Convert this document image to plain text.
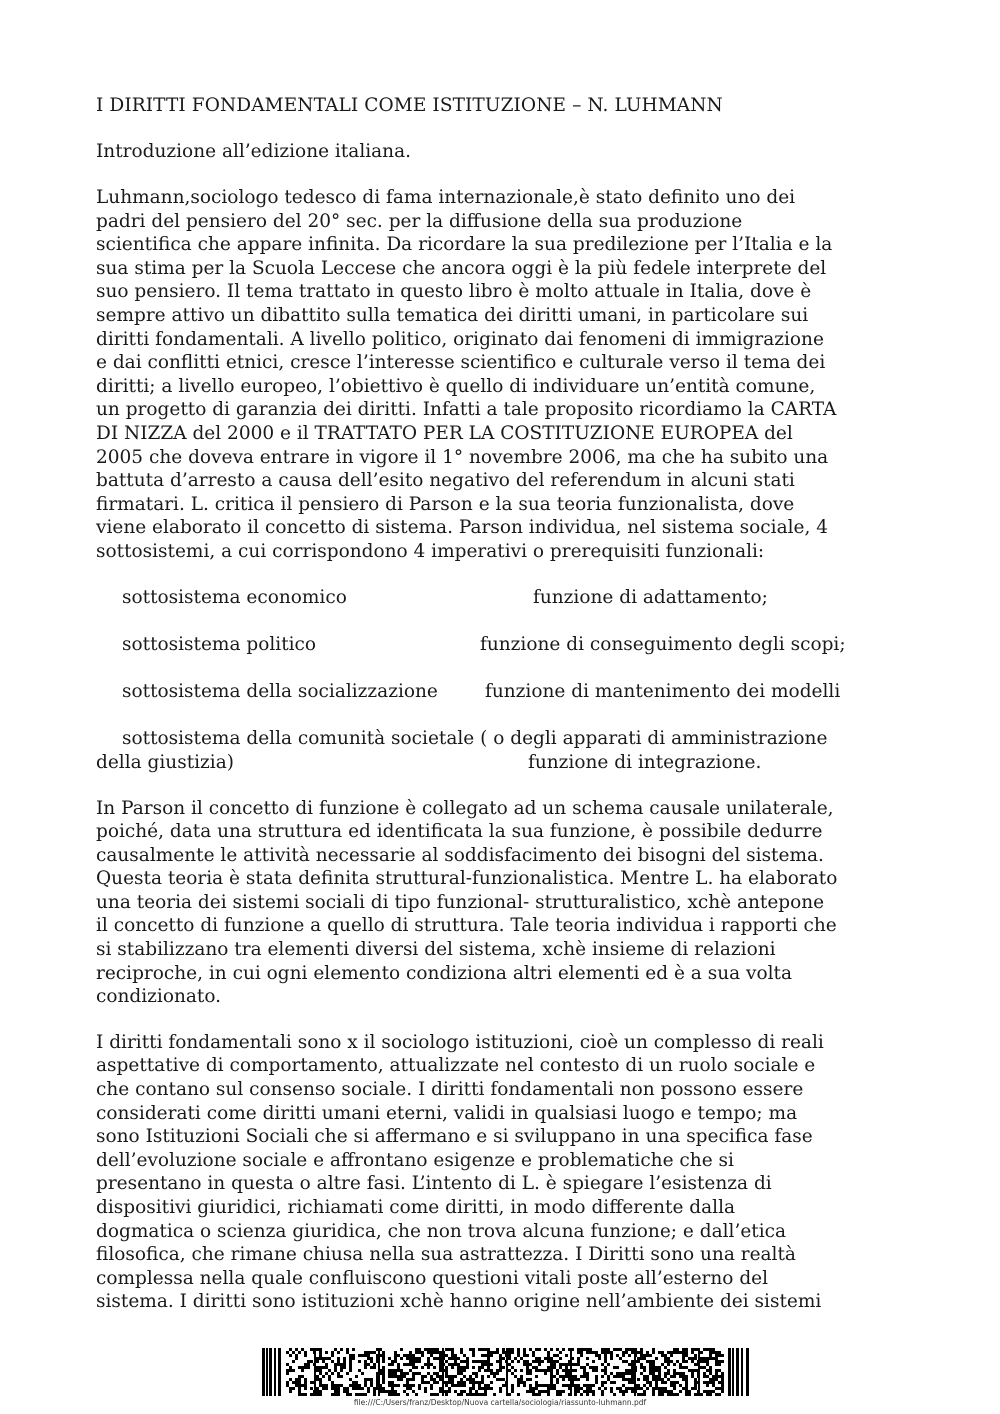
I DIRITTI FONDAMENTALI COME ISTITUZIONE – N. LUHMANN
Introduzione all’edizione italiana.

Luhmann,sociologo tedesco di fama internazionale,è stato definito uno dei
padri del pensiero del 20° sec. per la diffusione della sua produzione
scientifica che appare infinita. Da ricordare la sua predilezione per l’Italia e la
sua stima per la Scuola Leccese che ancora oggi è la più fedele interprete del
suo pensiero. Il tema trattato in questo libro è molto attuale in Italia, dove è
sempre attivo un dibattito sulla tematica dei diritti umani, in particolare sui
diritti fondamentali. A livello politico, originato dai fenomeni di immigrazione
e dai conflitti etnici, cresce l’interesse scientifico e culturale verso il tema dei
diritti; a livello europeo, l’obiettivo è quello di individuare un’entità comune,
un progetto di garanzia dei diritti. Infatti a tale proposito ricordiamo la CARTA
DI NIZZA del 2000 e il TRATTATO PER LA COSTITUZIONE EUROPEA del
2005 che doveva entrare in vigore il 1° novembre 2006, ma che ha subito una
battuta d’arresto a causa dell’esito negativo del referendum in alcuni stati
firmatari. L. critica il pensiero di Parson e la sua teoria funzionalista, dove
viene elaborato il concetto di sistema. Parson individua, nel sistema sociale, 4
sottosistemi, a cui corrispondono 4 imperativi o prerequisiti funzionali:

sottosistema economico	funzione di adattamento;
sottosistema politico	funzione di conseguimento degli scopi;
sottosistema della socializzazione	funzione di mantenimento dei modelli
sottosistema della comunità societale ( o degli apparati di amministrazione
della giustizia)	funzione di integrazione.

In Parson il concetto di funzione è collegato ad un schema causale unilaterale,
poiché, data una struttura ed identificata la sua funzione, è possibile dedurre
causalmente le attività necessarie al soddisfacimento dei bisogni del sistema.
Questa teoria è stata definita struttural-funzionalistica. Mentre L. ha elaborato
una teoria dei sistemi sociali di tipo funzional- strutturalistico, xchè antepone
il concetto di funzione a quello di struttura. Tale teoria individua i rapporti che
si stabilizzano tra elementi diversi del sistema, xchè insieme di relazioni
reciproche, in cui ogni elemento condiziona altri elementi ed è a sua volta
condizionato.

I diritti fondamentali sono x il sociologo istituzioni, cioè un complesso di reali
aspettative di comportamento, attualizzate nel contesto di un ruolo sociale e
che contano sul consenso sociale. I diritti fondamentali non possono essere
considerati come diritti umani eterni, validi in qualsiasi luogo e tempo; ma
sono Istituzioni Sociali che si affermano e si sviluppano in una specifica fase
dell’evoluzione sociale e affrontano esigenze e problematiche che si
presentano in questa o altre fasi. L’intento di L. è spiegare l’esistenza di
dispositivi giuridici, richiamati come diritti, in modo differente dalla
dogmatica o scienza giuridica, che non trova alcuna funzione; e dall’etica
filosofica, che rimane chiusa nella sua astrattezza. I Diritti sono una realtà
complessa nella quale confluiscono questioni vitali poste all’esterno del
sistema. I diritti sono istituzioni xchè hanno origine nell’ambiente dei sistemi

file:///C:/Users/franz/Desktop/Nuova cartella/sociologia/riassunto-luhmann.pdf
